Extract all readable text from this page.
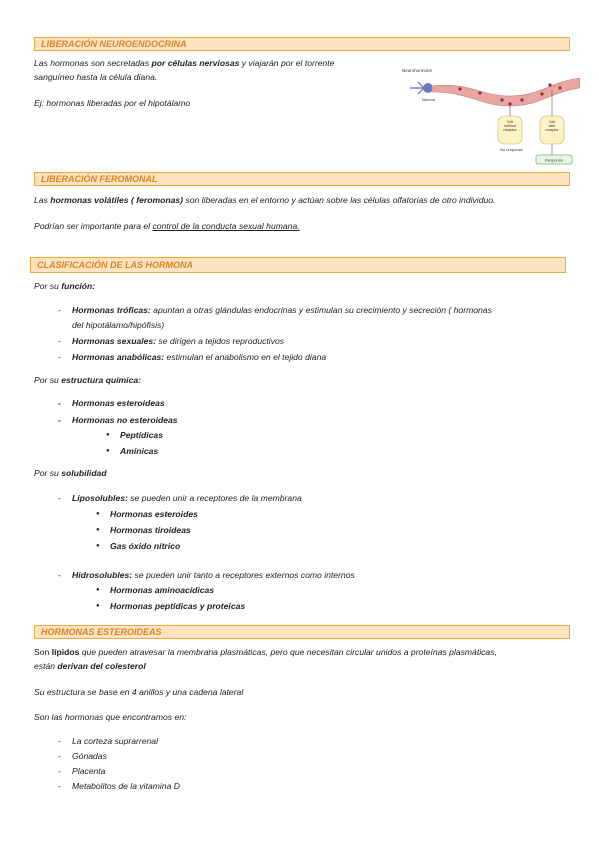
LIBERACIÓN NEUROENDOCRINA
Las hormonas son secretadas por células nerviosas y viajarán por el torrente
sanguíneo hasta la célula diana.
Ej: hormonas liberadas por el hipotálamo
Neurohormone
Neuron
Cell
without
receptor
Cell
with
receptor
No response
Response
LIBERACIÓN FEROMONAL
Las hormonas volátiles ( feromonas) son liberadas en el entorno y actúan sobre las células olfatorias de otro individuo.
Podrían ser importante para el control de la conducta sexual humana.
CLASIFICACIÓN DE LAS HORMONA
Por su función:
- Hormonas tróficas: apuntan a otras glándulas endocrinas y estimulan su crecimiento y secreción ( hormonas
del hipotálamo/hipófisis)
- Hormonas sexuales: se dirigen a tejidos reproductivos
- Hormonas anabólicas: estimulan el anabolismo en el tejido diana
Por su estructura química:
- Hormonas esteroideas
- Hormonas no esteroideas
● Peptídicas
● Amínicas
Por su solubilidad
- Liposolubles: se pueden unir a receptores de la membrana
● Hormonas esteroides
● Hormonas tiroideas
● Gas óxido nítrico
- Hidrosolubles: se pueden unir tanto a receptores externos como internos
● Hormonas aminoacídicas
● Hormonas peptídicas y proteicas
HORMONAS ESTEROIDEAS
Son lípidos que pueden atravesar la membrana plasmáticas, pero que necesitan circular unidos a proteínas plasmáticas,
están derivan del colesterol
Su estructura se base en 4 anillos y una cadena lateral
Son las hormonas que encontramos en:
- La corteza suprarrenal
- Gónadas
- Placenta
- Metabolitos de la vitamina D
